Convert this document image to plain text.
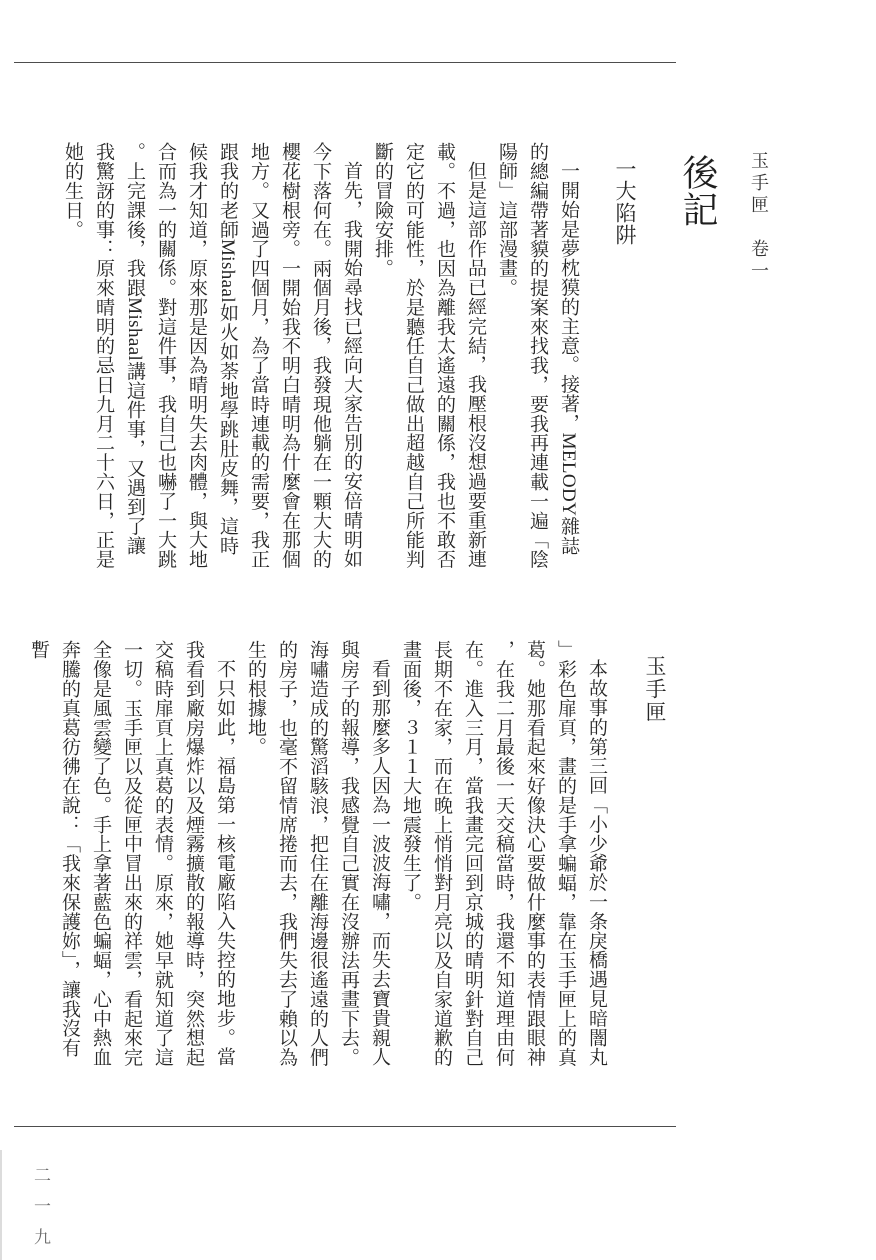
玉手匣　卷一
後記
一大陷阱

一開始是夢枕獏的主意。接著，MELODY雜誌的總編帶著貘的提案來找我，要我再連載一遍「陰陽師」這部漫畫。

但是這部作品已經完結，我壓根沒想過要重新連載。不過，也因為離我太遙遠的關係，我也不敢否定它的可能性，於是聽任自己做出超越自己所能判斷的冒險安排。

首先，我開始尋找已經向大家告別的安倍晴明如今下落何在。兩個月後，我發現他躺在一顆大大的櫻花樹根旁。一開始我不明白晴明為什麼會在那個地方。又過了四個月，為了當時連載的需要，我正跟我的老師Mishaal如火如荼地學跳肚皮舞，這時候我才知道，原來那是因為晴明失去肉體，與大地合而為一的關係。對這件事，我自己也嚇了一大跳。上完課後，我跟Mishaal講這件事，又遇到了讓我驚訝的事：原來晴明的忌日九月二十六日，正是她的生日。

玉手匣

本故事的第三回「小少爺於一条戾橋遇見暗闇丸」彩色扉頁，畫的是手拿蝙蝠，靠在玉手匣上的真葛。她那看起來好像決心要做什麼事的表情跟眼神，在我二月最後一天交稿當時，我還不知道理由何在。進入三月，當我畫完回到京城的晴明針對自己長期不在家，而在晚上悄悄對月亮以及自家道歉的畫面後，３１１大地震發生了。

看到那麼多人因為一波波海嘯，而失去寶貴親人與房子的報導，我感覺自己實在沒辦法再畫下去。海嘯造成的驚滔駭浪，把住在離海邊很遙遠的人們的房子，也毫不留情席捲而去，我們失去了賴以為生的根據地。

不只如此，福島第一核電廠陷入失控的地步。當我看到廠房爆炸以及煙霧擴散的報導時，突然想起交稿時扉頁上真葛的表情。原來，她早就知道了這一切。玉手匣以及從匣中冒出來的祥雲，看起來完全像是風雲變了色。手上拿著藍色蝙蝠，心中熱血奔騰的真葛彷彿在說：「我來保護妳」，讓我沒有暫

二一九
